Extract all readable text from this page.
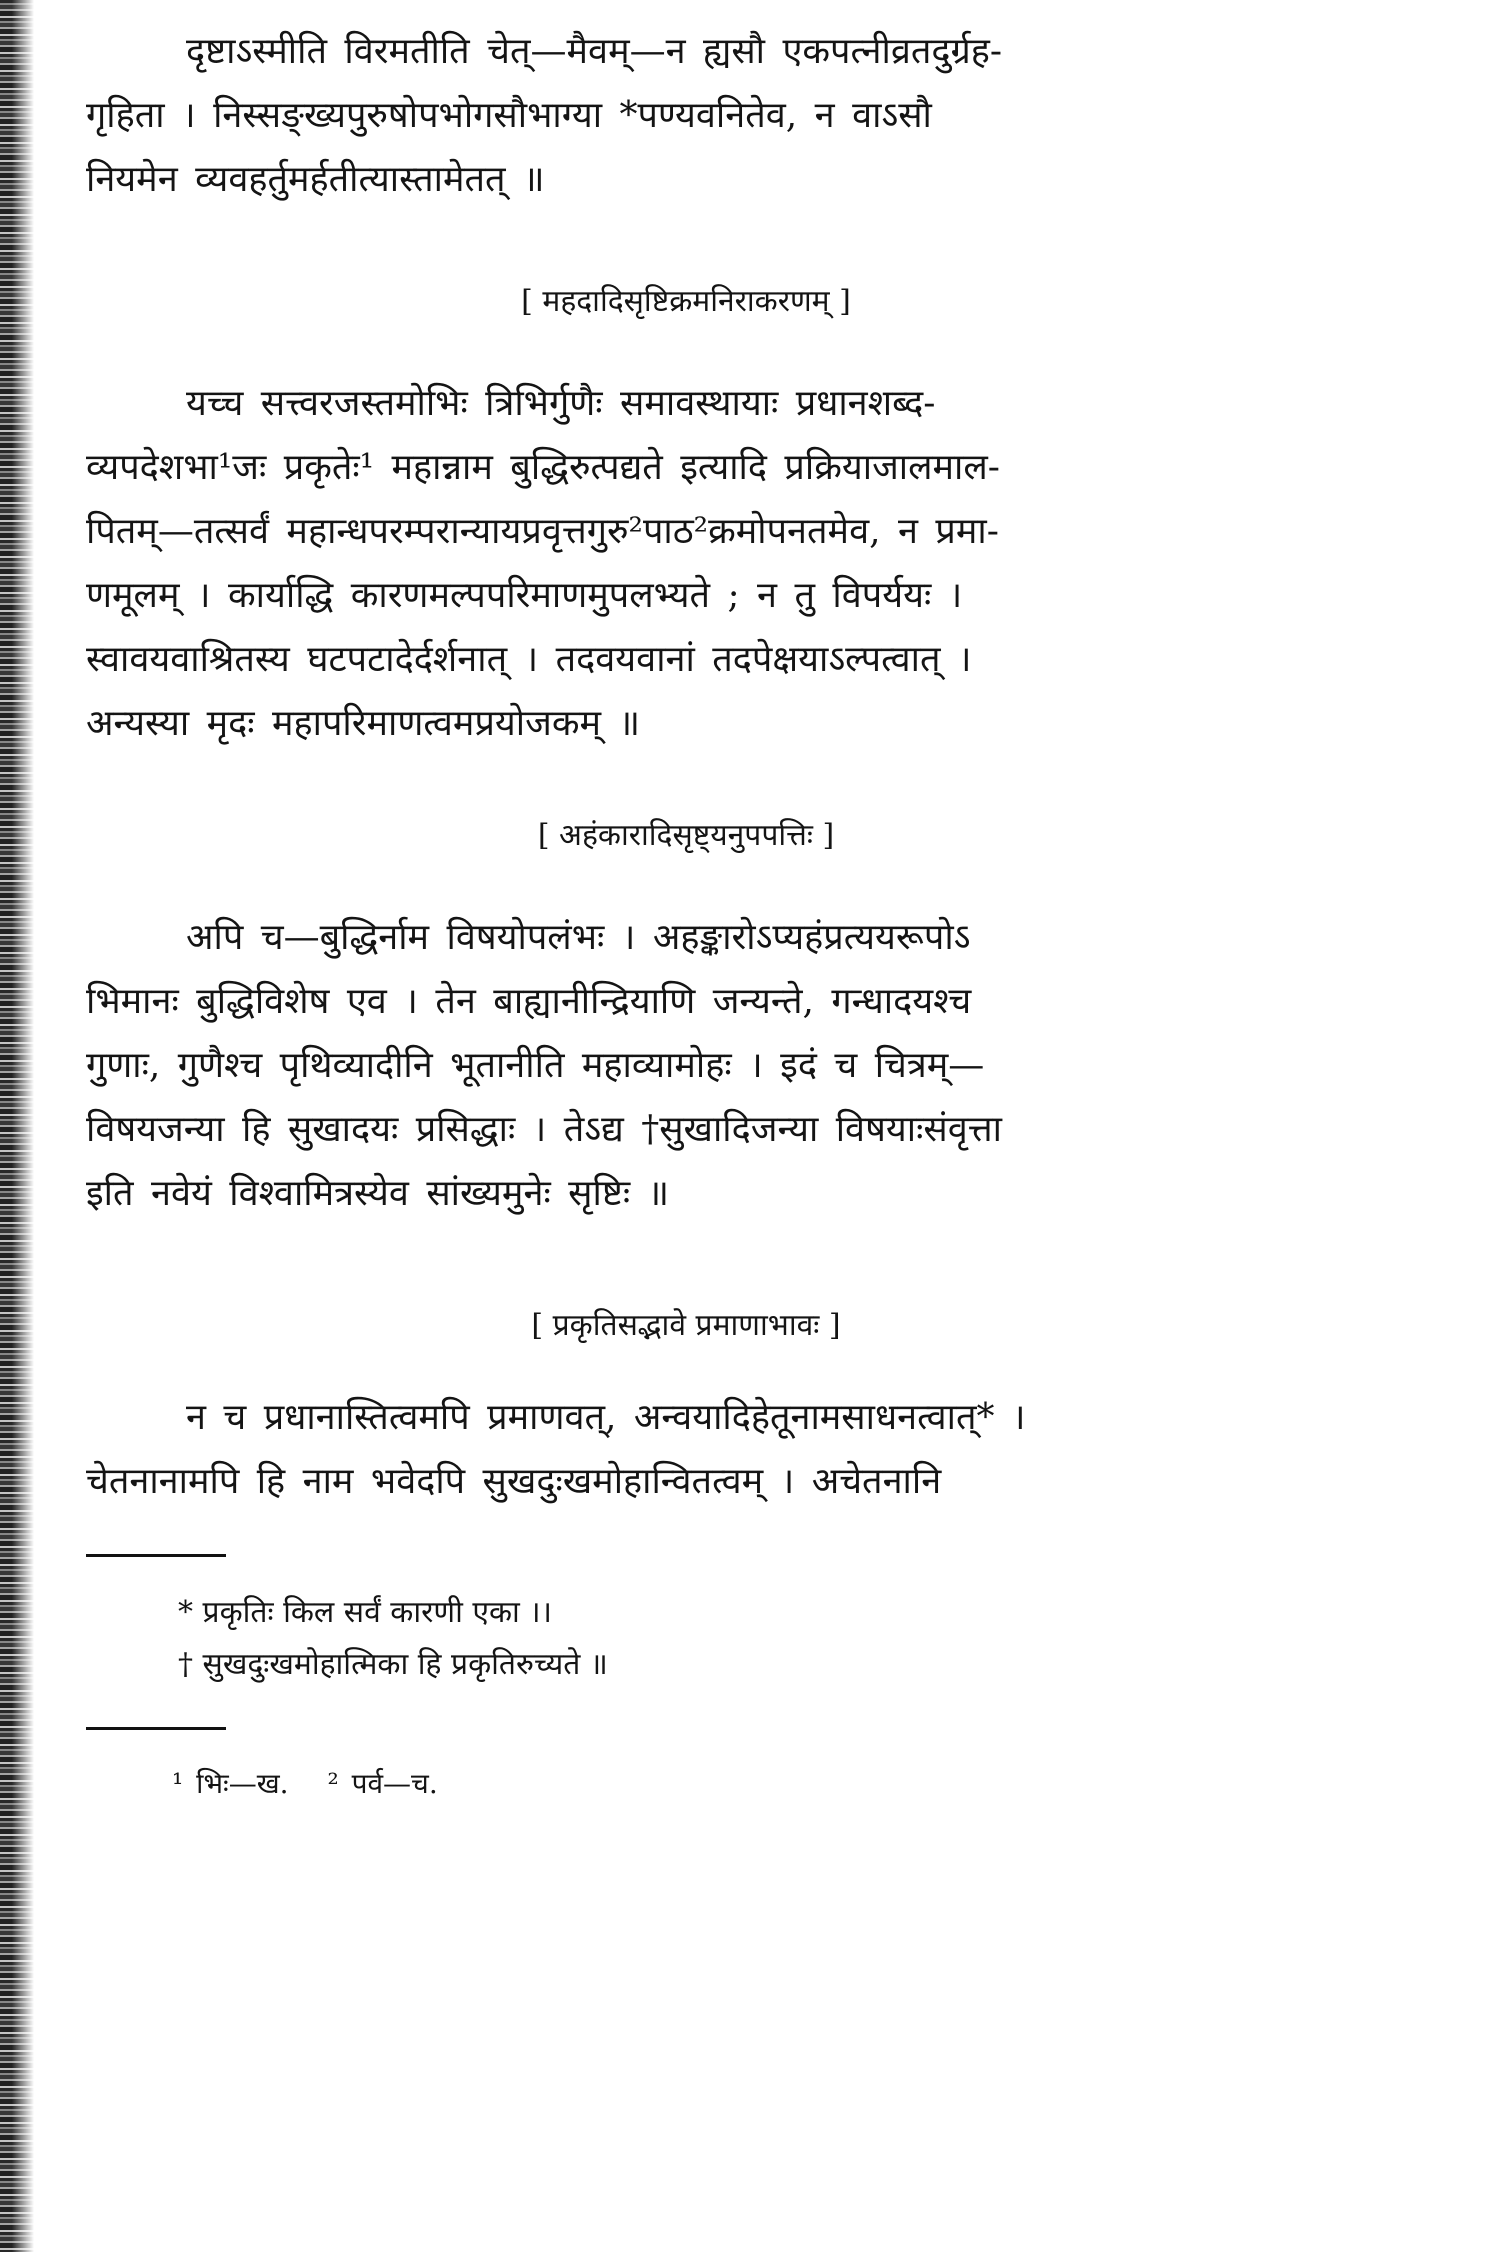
दृष्टाऽस्मीति विरमतीति चेत्—मैवम्—न ह्यसौ एकपत्नीव्रतदुर्ग्रह-
गृहिता । निस्सङ्ख्यपुरुषोपभोगसौभाग्या *पण्यवनितेव, न वाऽसौ
नियमेन व्यवहर्तुमर्हतीत्यास्तामेतत् ॥

[ महदादिसृष्टिक्रमनिराकरणम् ]

यच्च सत्त्वरजस्तमोभिः त्रिभिर्गुणैः समावस्थायाः प्रधानशब्द-
व्यपदेशभा¹जः प्रकृतेः¹ महान्नाम बुद्धिरुत्पद्यते इत्यादि प्रक्रियाजालमाल-
पितम्—तत्सर्वं महान्धपरम्परान्यायप्रवृत्तगुरु²पाठ²क्रमोपनतमेव, न प्रमा-
णमूलम् । कार्याद्धि कारणमल्पपरिमाणमुपलभ्यते ; न तु विपर्ययः ।
स्वावयवाश्रितस्य घटपटादेर्दर्शनात् । तदवयवानां तदपेक्षयाऽल्पत्वात् ।
अन्यस्या मृदः महापरिमाणत्वमप्रयोजकम् ॥

[ अहंकारादिसृष्ट्यनुपपत्तिः ]

अपि च—बुद्धिर्नाम विषयोपलंभः । अहङ्कारोऽप्यहंप्रत्ययरूपोऽ
भिमानः बुद्धिविशेष एव । तेन बाह्यानीन्द्रियाणि जन्यन्ते, गन्धादयश्च
गुणाः, गुणैश्च पृथिव्यादीनि भूतानीति महाव्यामोहः । इदं च चित्रम्—
विषयजन्या हि सुखादयः प्रसिद्धाः । तेऽद्य †सुखादिजन्या विषयाःसंवृत्ता
इति नवेयं विश्वामित्रस्येव सांख्यमुनेः सृष्टिः ॥

[ प्रकृतिसद्भावे प्रमाणाभावः ]

न च प्रधानास्तित्वमपि प्रमाणवत्, अन्वयादिहेतूनामसाधनत्वात्* ।
चेतनानामपि हि नाम भवेदपि सुखदुःखमोहान्वितत्वम् । अचेतनानि

* प्रकृतिः किल सर्वं कारणी एका ।।

† सुखदुःखमोहात्मिका हि प्रकृतिरुच्यते ॥

¹ भिः—ख. ² पर्व—च.
